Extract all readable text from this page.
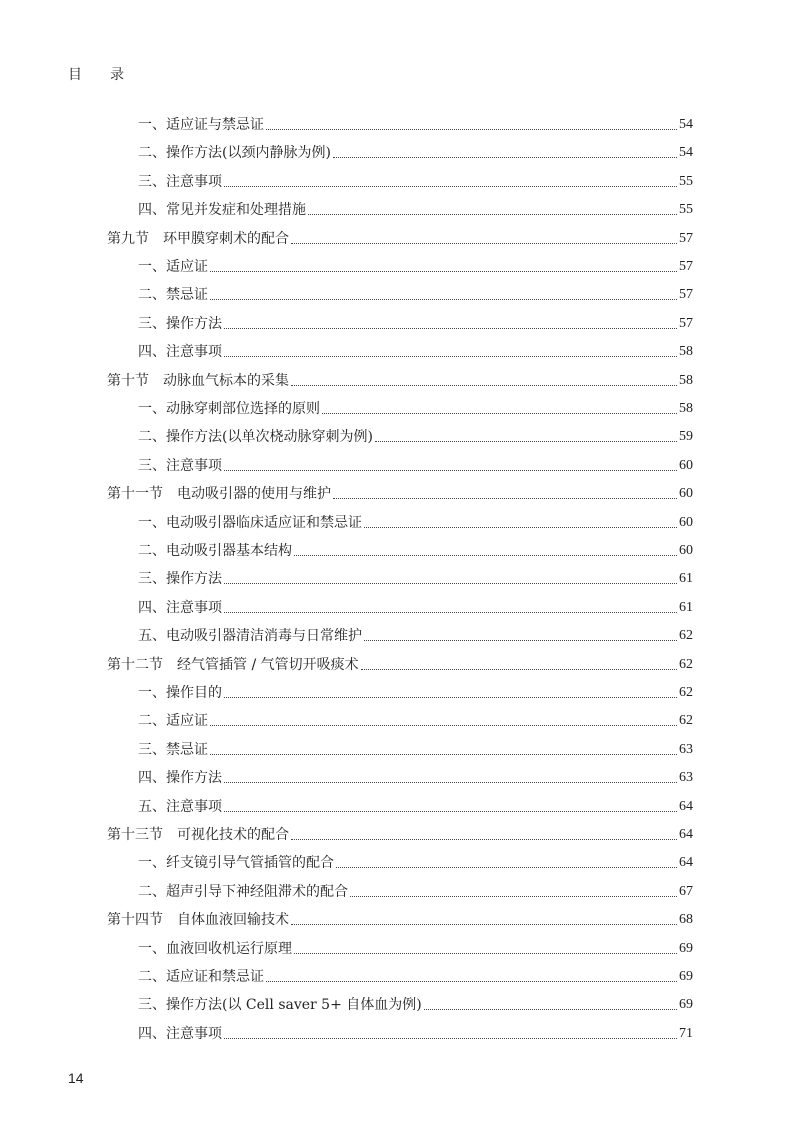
目录
一、适应证与禁忌证	54
二、操作方法(以颈内静脉为例)	54
三、注意事项	55
四、常见并发症和处理措施	55
第九节　环甲膜穿刺术的配合	57
一、适应证	57
二、禁忌证	57
三、操作方法	57
四、注意事项	58
第十节　动脉血气标本的采集	58
一、动脉穿刺部位选择的原则	58
二、操作方法(以单次桡动脉穿刺为例)	59
三、注意事项	60
第十一节　电动吸引器的使用与维护	60
一、电动吸引器临床适应证和禁忌证	60
二、电动吸引器基本结构	60
三、操作方法	61
四、注意事项	61
五、电动吸引器清洁消毒与日常维护	62
第十二节　经气管插管 / 气管切开吸痰术	62
一、操作目的	62
二、适应证	62
三、禁忌证	63
四、操作方法	63
五、注意事项	64
第十三节　可视化技术的配合	64
一、纤支镜引导气管插管的配合	64
二、超声引导下神经阻滞术的配合	67
第十四节　自体血液回输技术	68
一、血液回收机运行原理	69
二、适应证和禁忌证	69
三、操作方法(以 Cell saver 5+ 自体血为例)	69
四、注意事项	71
14
